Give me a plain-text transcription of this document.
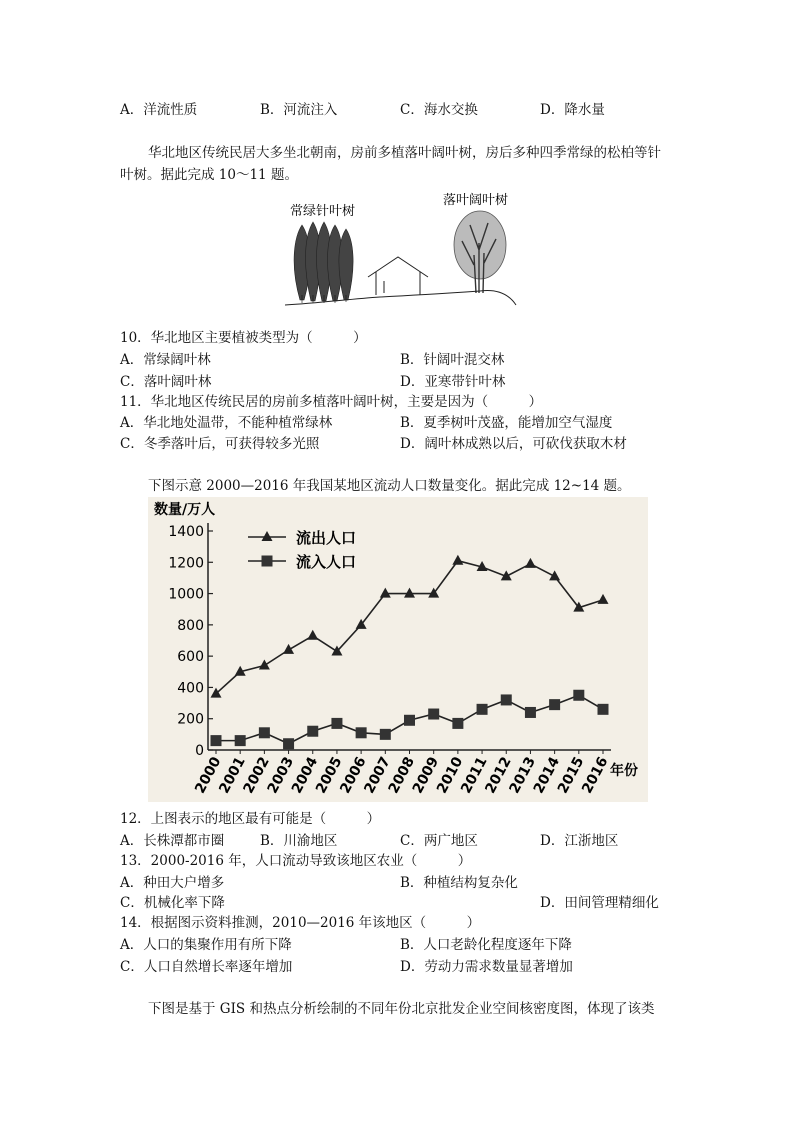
A．洋流性质	B．河流注入	C．海水交换	D．降水量
华北地区传统民居大多坐北朝南，房前多植落叶阔叶树，房后多种四季常绿的松柏等针
叶树。据此完成 10～11 题。
常绿针叶树
落叶阔叶树
10．华北地区主要植被类型为（　　　）
A．常绿阔叶林	B．针阔叶混交林
C．落叶阔叶林	D．亚寒带针叶林
11．华北地区传统民居的房前多植落叶阔叶树，主要是因为（　　　）
A．华北地处温带，不能种植常绿林	B．夏季树叶茂盛，能增加空气湿度
C．冬季落叶后，可获得较多光照	D．阔叶林成熟以后，可砍伐获取木材
下图示意 2000—2016 年我国某地区流动人口数量变化。据此完成 12~14 题。
数量/万人
年份
0
200
400
600
800
1000
1200
1400
2000
2001
2002
2003
2004
2005
2006
2007
2008
2009
2010
2011
2012
2013
2014
2015
2016
流出人口
流入人口
12．上图表示的地区最有可能是（　　　）
A．长株潭都市圈	B．川渝地区	C．两广地区	D．江浙地区
13．2000-2016 年，人口流动导致该地区农业（　　　）
A．种田大户增多	B．种植结构复杂化
C．机械化率下降	D．田间管理精细化
14．根据图示资料推测，2010—2016 年该地区（　　　）
A．人口的集聚作用有所下降	B．人口老龄化程度逐年下降
C．人口自然增长率逐年增加	D．劳动力需求数量显著增加
下图是基于 GIS 和热点分析绘制的不同年份北京批发企业空间核密度图，体现了该类
